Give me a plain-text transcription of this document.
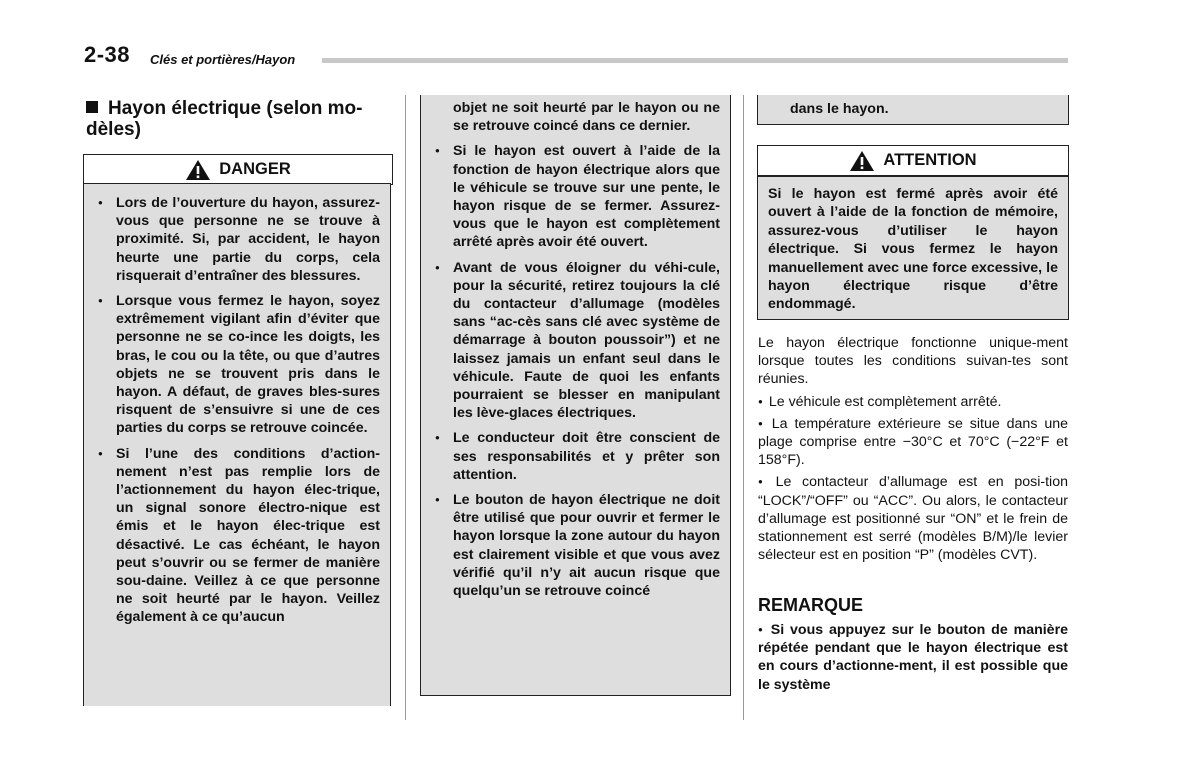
2-38 Clés et portières/Hayon
Hayon électrique (selon mo-dèles)
DANGER
● Lors de l’ouverture du hayon, assurez-vous que personne ne se trouve à proximité. Si, par accident, le hayon heurte une partie du corps, cela risquerait d’entraîner des blessures.
● Lorsque vous fermez le hayon, soyez extrêmement vigilant afin d’éviter que personne ne se co-ince les doigts, les bras, le cou ou la tête, ou que d’autres objets ne se trouvent pris dans le hayon. A défaut, de graves bles-sures risquent de s’ensuivre si une de ces parties du corps se retrouve coincée.
● Si l’une des conditions d’action-nement n’est pas remplie lors de l’actionnement du hayon élec-trique, un signal sonore électro-nique est émis et le hayon élec-trique est désactivé. Le cas échéant, le hayon peut s’ouvrir ou se fermer de manière sou-daine. Veillez à ce que personne ne soit heurté par le hayon. Veillez également à ce qu’aucun
objet ne soit heurté par le hayon ou ne se retrouve coincé dans ce dernier.
● Si le hayon est ouvert à l’aide de la fonction de hayon électrique alors que le véhicule se trouve sur une pente, le hayon risque de se fermer. Assurez-vous que le hayon est complètement arrêté après avoir été ouvert.
● Avant de vous éloigner du véhi-cule, pour la sécurité, retirez toujours la clé du contacteur d’allumage (modèles sans “ac-cès sans clé avec système de démarrage à bouton poussoir”) et ne laissez jamais un enfant seul dans le véhicule. Faute de quoi les enfants pourraient se blesser en manipulant les lève-glaces électriques.
● Le conducteur doit être conscient de ses responsabilités et y prêter son attention.
● Le bouton de hayon électrique ne doit être utilisé que pour ouvrir et fermer le hayon lorsque la zone autour du hayon est clairement visible et que vous avez vérifié qu’il n’y ait aucun risque que quelqu’un se retrouve coincé
dans le hayon.
ATTENTION
Si le hayon est fermé après avoir été ouvert à l’aide de la fonction de mémoire, assurez-vous d’utiliser le hayon électrique. Si vous fermez le hayon manuellement avec une force excessive, le hayon électrique risque d’être endommagé.

Le hayon électrique fonctionne unique-ment lorsque toutes les conditions suivan-tes sont réunies.

● Le véhicule est complètement arrêté.

● La température extérieure se situe dans une plage comprise entre −30°C et 70°C (−22°F et 158°F).

● Le contacteur d’allumage est en posi-tion “LOCK”/“OFF” ou “ACC”. Ou alors, le contacteur d’allumage est positionné sur “ON” et le frein de stationnement est serré (modèles B/M)/le levier sélecteur est en position “P” (modèles CVT).

REMARQUE
● Si vous appuyez sur le bouton de manière répétée pendant que le hayon électrique est en cours d’actionne-ment, il est possible que le système
